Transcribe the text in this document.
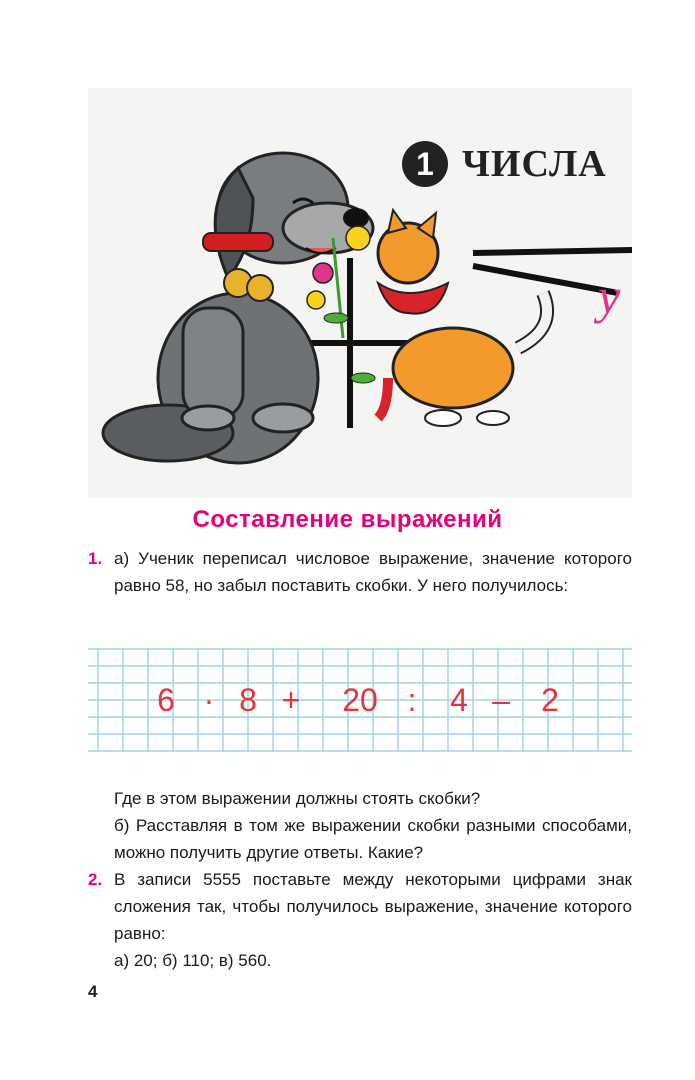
y
1 ЧИСЛА
Составление выражений
1. а) Ученик переписал числовое выражение, значение которого равно 58, но забыл поставить скобки. У него получилось:

6 · 8 + 20 : 4 – 2

Где в этом выражении должны стоять скобки?

б) Расставляя в том же выражении скобки разными способами, можно получить другие ответы. Какие?

2. В записи 5555 поставьте между некоторыми цифрами знак сложения так, чтобы получилось выражение, значение которого равно:

а) 20; б) 110; в) 560.

4
